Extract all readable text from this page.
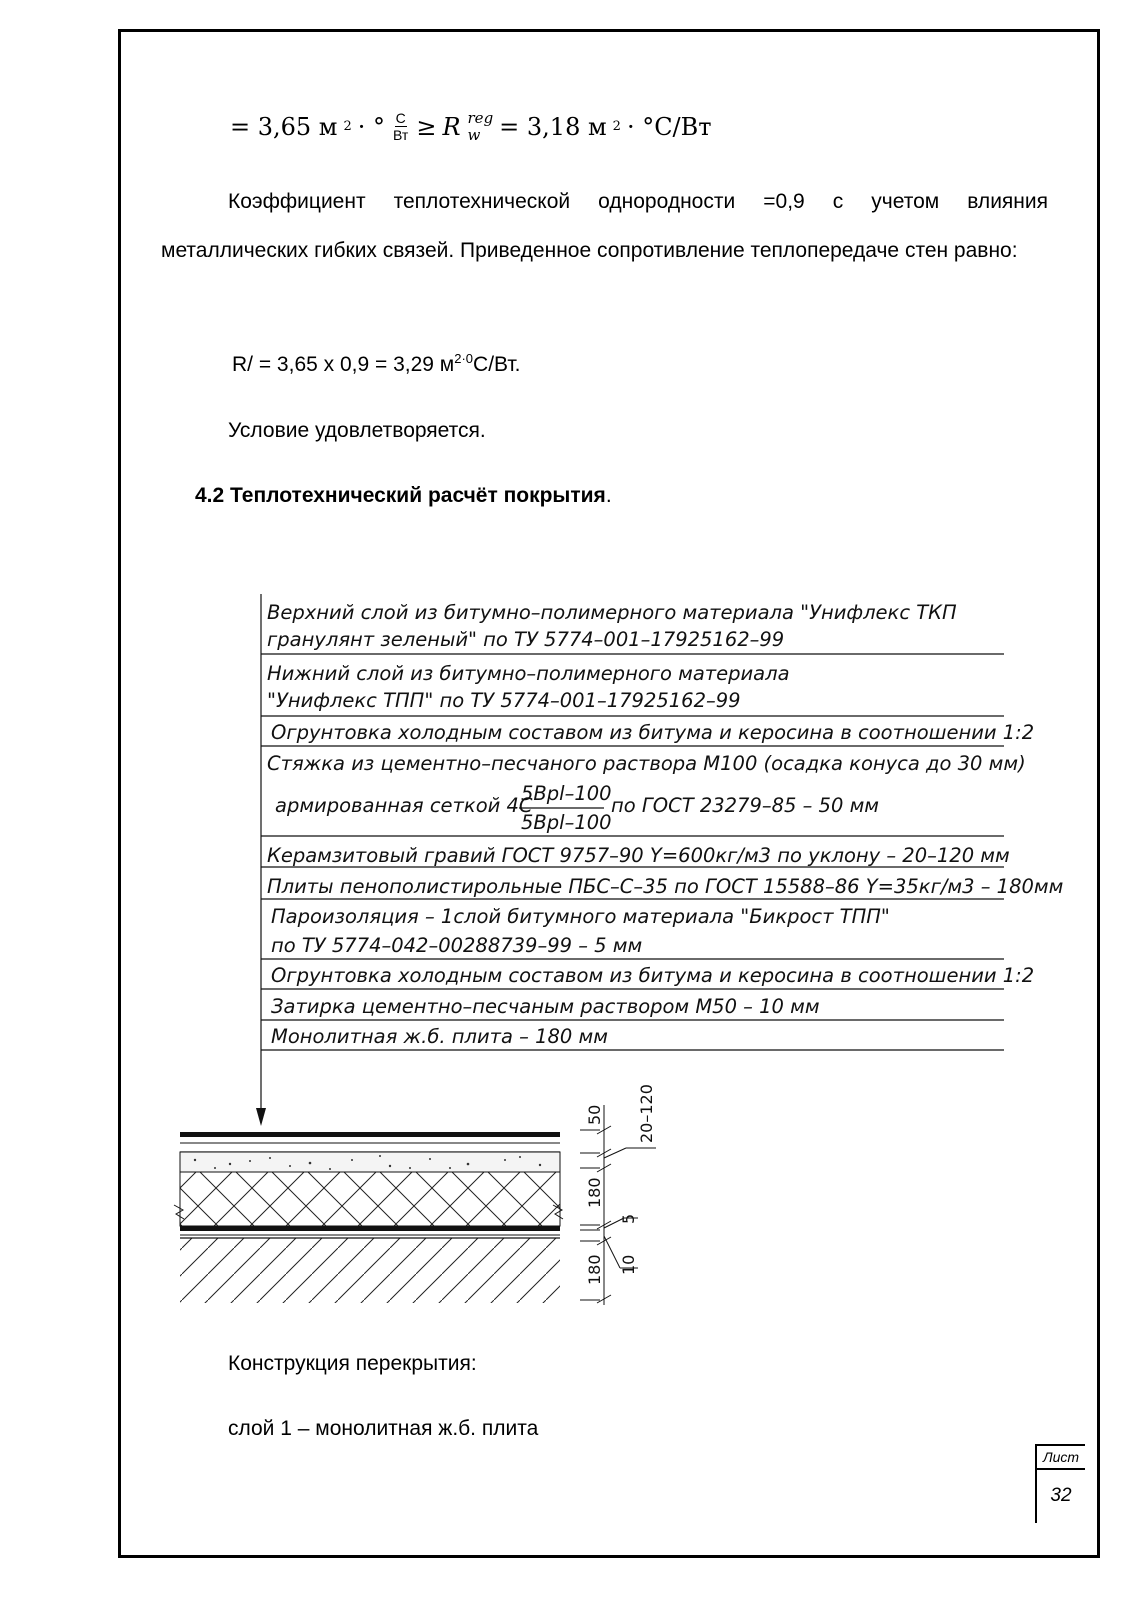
= 3,65 м 2 · ° $\frac{С}{Вт} \ge R$ reg
w = 3,18 м 2 · °С/Вт
Коэффициент теплотехнической однородности =0,9 с учетом влияния металлических гибких связей. Приведенное сопротивление теплопередаче стен равно:
R/ = 3,65 х 0,9 = 3,29 $м^{2\cdot 0}С/Вт$.
Условие удовлетворяется.
4.2 Теплотехнический расчёт покрытия.
Верхний слой из битумно–полимерного материала "Унифлекс ТКП
гранулянт зеленый" по ТУ 5774–001–17925162–99
Нижний слой из битумно–полимерного материала
"Унифлекс ТПП" по ТУ 5774–001–17925162–99
Огрунтовка холодным составом из битума и керосина в соотношении 1:2
Стяжка из цементно–песчаного раствора М100 (осадка конуса до 30 мм)
армированная сеткой 4С
5Bpl–100
5Bpl–100
по ГОСТ 23279–85 – 50 мм
Керамзитовый гравий ГОСТ 9757–90 Y=600кг/м3 по уклону – 20–120 мм
Плиты пенополистирольные ПБС–С–35 по ГОСТ 15588–86 Y=35кг/м3 – 180мм
Пароизоляция – 1слой битумного материала "Бикрост ТПП"
по ТУ 5774–042–00288739–99 – 5 мм
Огрунтовка холодным составом из битума и керосина в соотношении 1:2
Затирка цементно–песчаным раствором М50 – 10 мм
Монолитная ж.б. плита – 180 мм
50 20–120
180
5
180 10
Конструкция перекрытия:
слой 1 – монолитная ж.б. плита
Лист
32
